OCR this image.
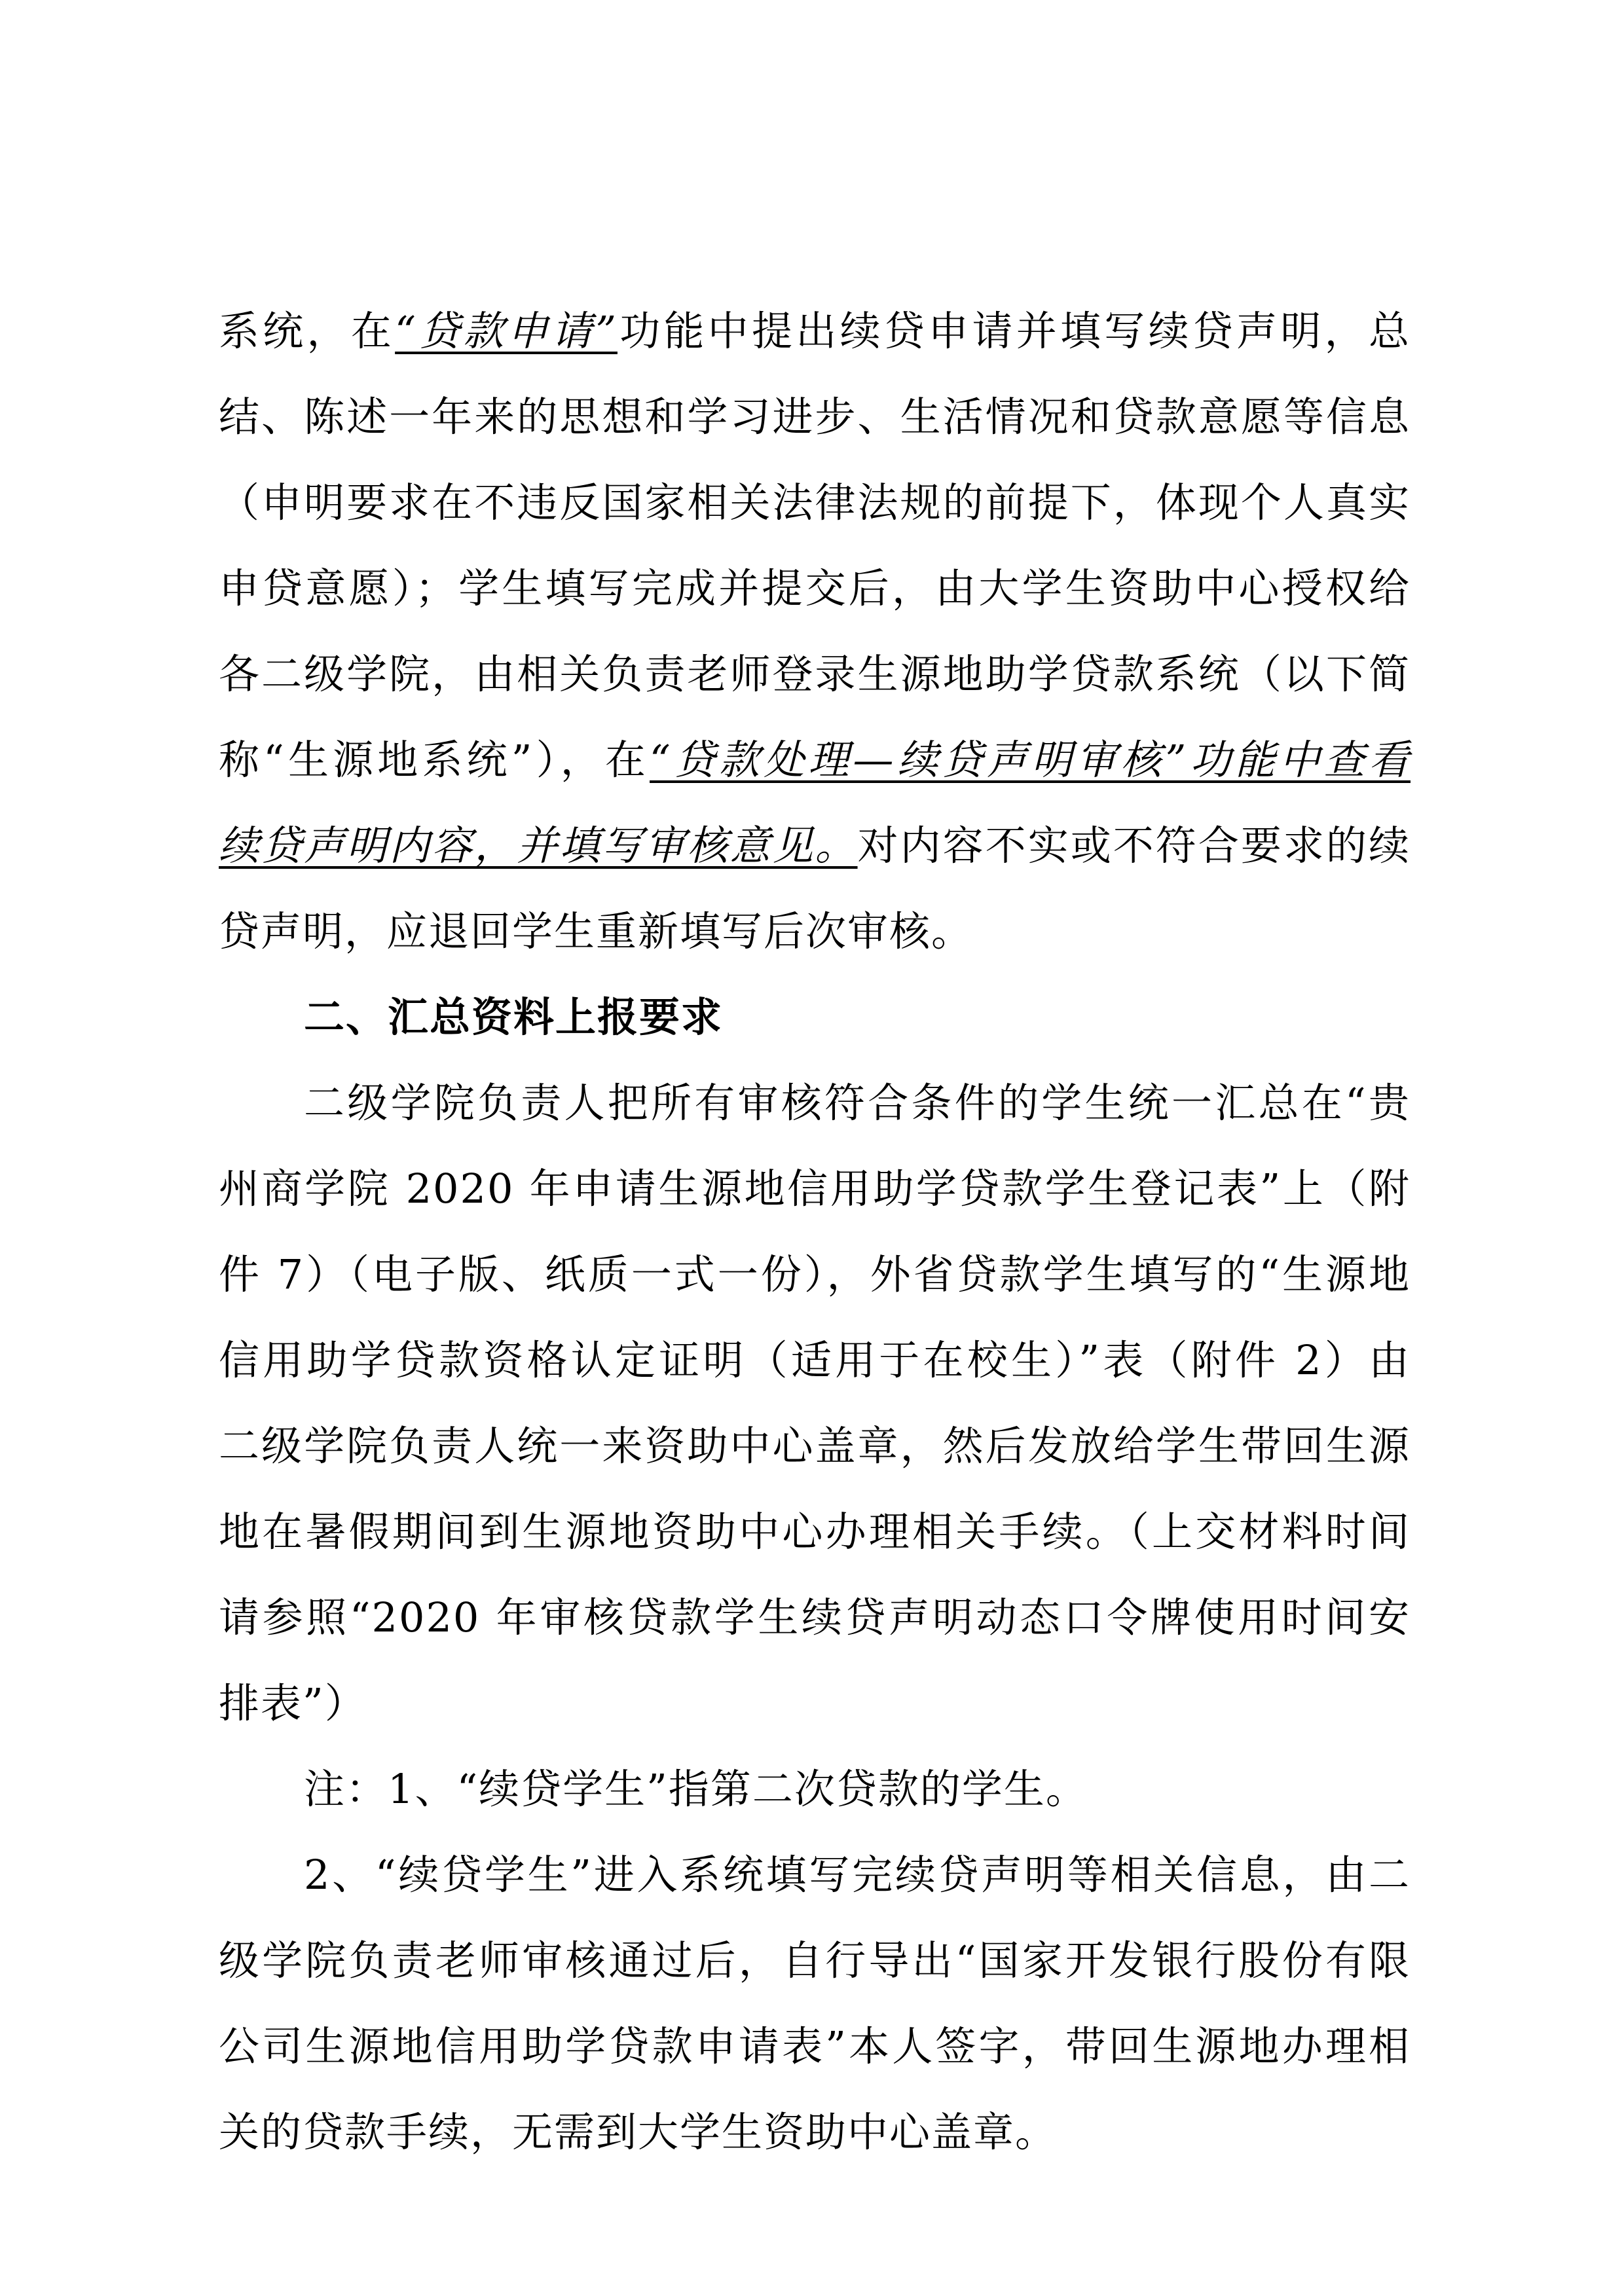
系统，在“贷款申请”功能中提出续贷申请并填写续贷声明，总
结、陈述一年来的思想和学习进步、生活情况和贷款意愿等信息
（申明要求在不违反国家相关法律法规的前提下，体现个人真实
申贷意愿）；学生填写完成并提交后，由大学生资助中心授权给
各二级学院，由相关负责老师登录生源地助学贷款系统（以下简
称“生源地系统”），在“贷款处理—续贷声明审核”功能中查看
续贷声明内容，并填写审核意见。对内容不实或不符合要求的续
贷声明，应退回学生重新填写后次审核。
二、汇总资料上报要求
二级学院负责人把所有审核符合条件的学生统一汇总在“贵
州商学院 2020 年申请生源地信用助学贷款学生登记表”上（附
件 7）（电子版、纸质一式一份），外省贷款学生填写的“生源地
信用助学贷款资格认定证明（适用于在校生）”表（附件 2）由
二级学院负责人统一来资助中心盖章，然后发放给学生带回生源
地在暑假期间到生源地资助中心办理相关手续。（上交材料时间
请参照“2020 年审核贷款学生续贷声明动态口令牌使用时间安
排表”）
注：1、“续贷学生”指第二次贷款的学生。
2、“续贷学生”进入系统填写完续贷声明等相关信息，由二
级学院负责老师审核通过后，自行导出“国家开发银行股份有限
公司生源地信用助学贷款申请表”本人签字，带回生源地办理相
关的贷款手续，无需到大学生资助中心盖章。
